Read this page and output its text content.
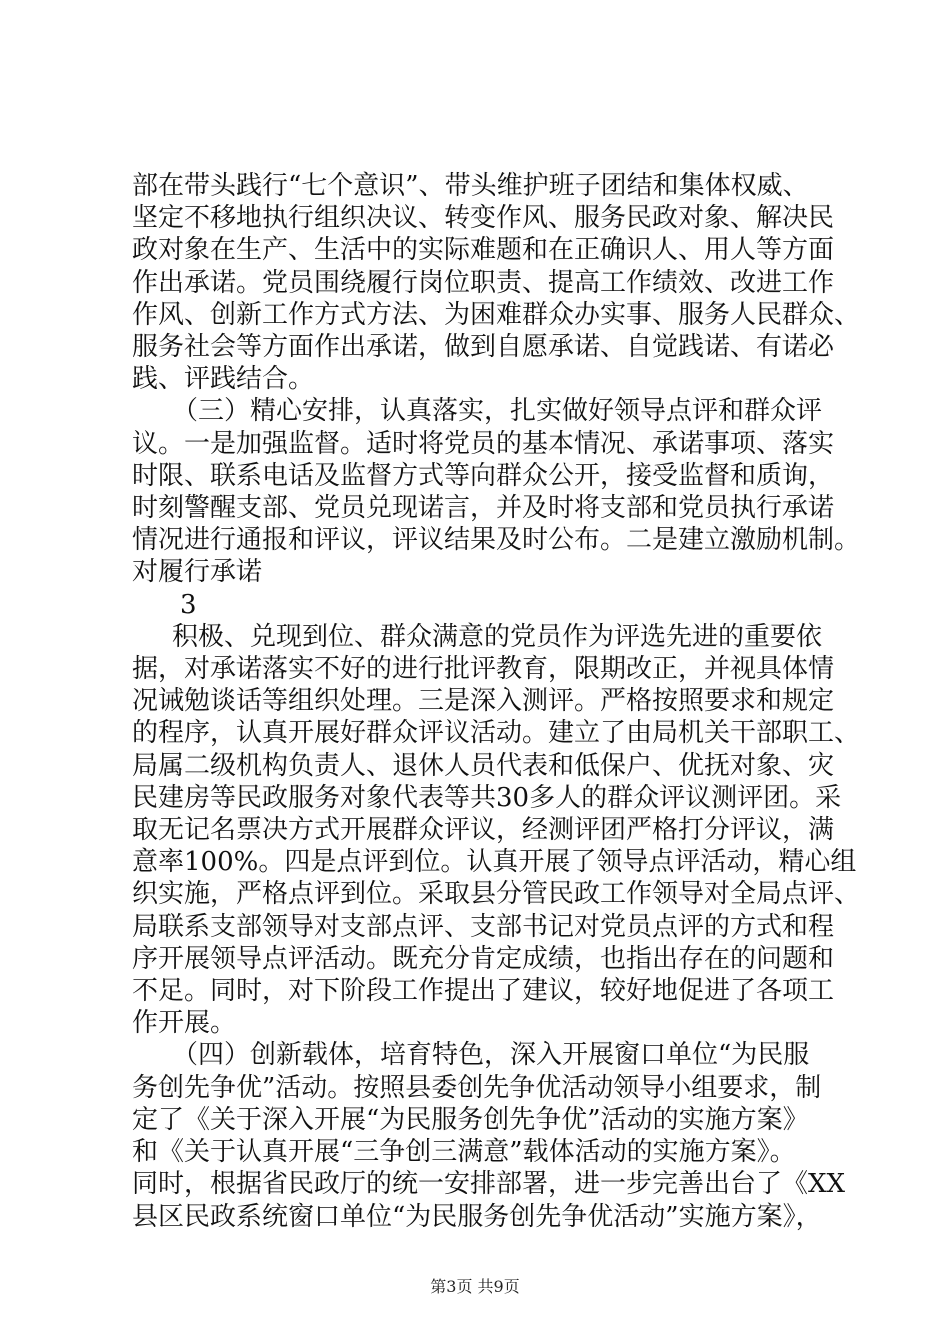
部在带头践行“七个意识”、带头维护班子团结和集体权威、

坚定不移地执行组织决议、转变作风、服务民政对象、解决民

政对象在生产、生活中的实际难题和在正确识人、用人等方面

作出承诺。党员围绕履行岗位职责、提高工作绩效、改进工作

作风、创新工作方式方法、为困难群众办实事、服务人民群众、

服务社会等方面作出承诺，做到自愿承诺、自觉践诺、有诺必

践、评践结合。

（三）精心安排，认真落实，扎实做好领导点评和群众评

议。一是加强监督。适时将党员的基本情况、承诺事项、落实

时限、联系电话及监督方式等向群众公开，接受监督和质询，

时刻警醒支部、党员兑现诺言，并及时将支部和党员执行承诺

情况进行通报和评议，评议结果及时公布。二是建立激励机制。

对履行承诺

3

积极、兑现到位、群众满意的党员作为评选先进的重要依

据，对承诺落实不好的进行批评教育，限期改正，并视具体情

况诫勉谈话等组织处理。三是深入测评。严格按照要求和规定

的程序，认真开展好群众评议活动。建立了由局机关干部职工、

局属二级机构负责人、退休人员代表和低保户、优抚对象、灾

民建房等民政服务对象代表等共30多人的群众评议测评团。采

取无记名票决方式开展群众评议，经测评团严格打分评议，满

意率100%。四是点评到位。认真开展了领导点评活动，精心组

织实施，严格点评到位。采取县分管民政工作领导对全局点评、

局联系支部领导对支部点评、支部书记对党员点评的方式和程

序开展领导点评活动。既充分肯定成绩，也指出存在的问题和

不足。同时，对下阶段工作提出了建议，较好地促进了各项工

作开展。

（四）创新载体，培育特色，深入开展窗口单位“为民服

务创先争优”活动。按照县委创先争优活动领导小组要求，制

定了《关于深入开展“为民服务创先争优”活动的实施方案》

和《关于认真开展“三争创三满意”载体活动的实施方案》。

同时，根据省民政厅的统一安排部署，进一步完善出台了《XX

县区民政系统窗口单位“为民服务创先争优活动”实施方案》，

第3页 共9页
